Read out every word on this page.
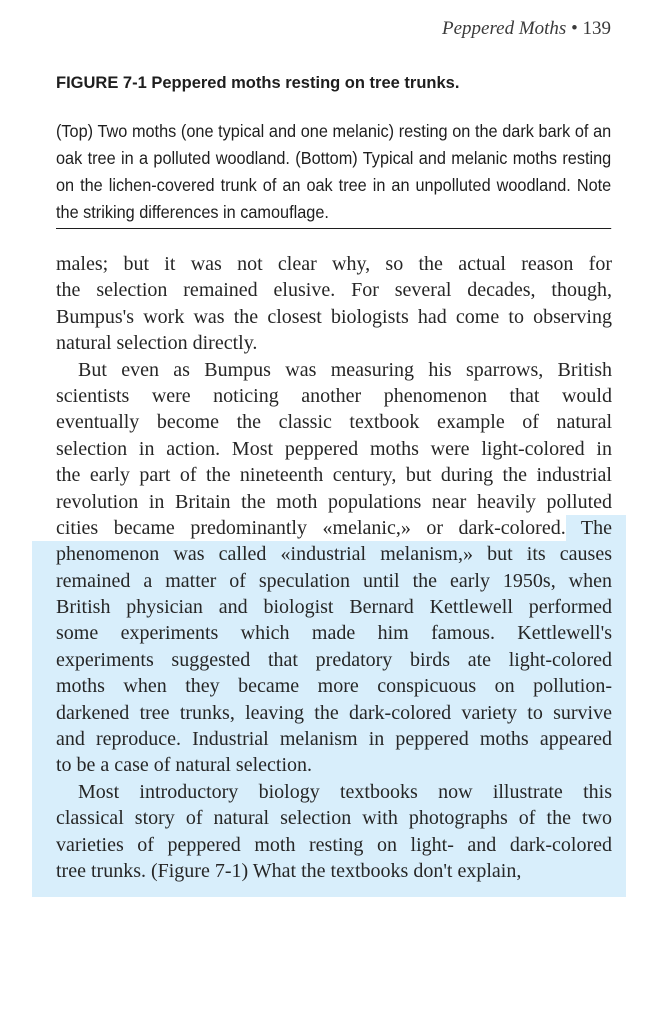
Peppered Moths • 139

FIGURE 7-1 Peppered moths resting on tree trunks.

(Top) Two moths (one typical and one melanic) resting on the dark bark of an oak tree in a polluted woodland. (Bottom) Typical and melanic moths resting on the lichen-covered trunk of an oak tree in an unpolluted woodland. Note the striking differences in camouflage.

males; but it was not clear why, so the actual reason for
the selection remained elusive. For several decades, though,
Bumpus's work was the closest biologists had come to observing
natural selection directly.
But even as Bumpus was measuring his sparrows, British
scientists were noticing another phenomenon that would
eventually become the classic textbook example of natural
selection in action. Most peppered moths were light-colored in
the early part of the nineteenth century, but during the industrial
revolution in Britain the moth populations near heavily polluted
cities became predominantly «melanic,» or dark-colored. The
phenomenon was called «industrial melanism,» but its causes
remained a matter of speculation until the early 1950s, when
British physician and biologist Bernard Kettlewell performed
some experiments which made him famous. Kettlewell's
experiments suggested that predatory birds ate light-colored
moths when they became more conspicuous on pollution-
darkened tree trunks, leaving the dark-colored variety to survive
and reproduce. Industrial melanism in peppered moths appeared
to be a case of natural selection.
Most introductory biology textbooks now illustrate this
classical story of natural selection with photographs of the two
varieties of peppered moth resting on light- and dark-colored
tree trunks. (Figure 7-1) What the textbooks don't explain,
